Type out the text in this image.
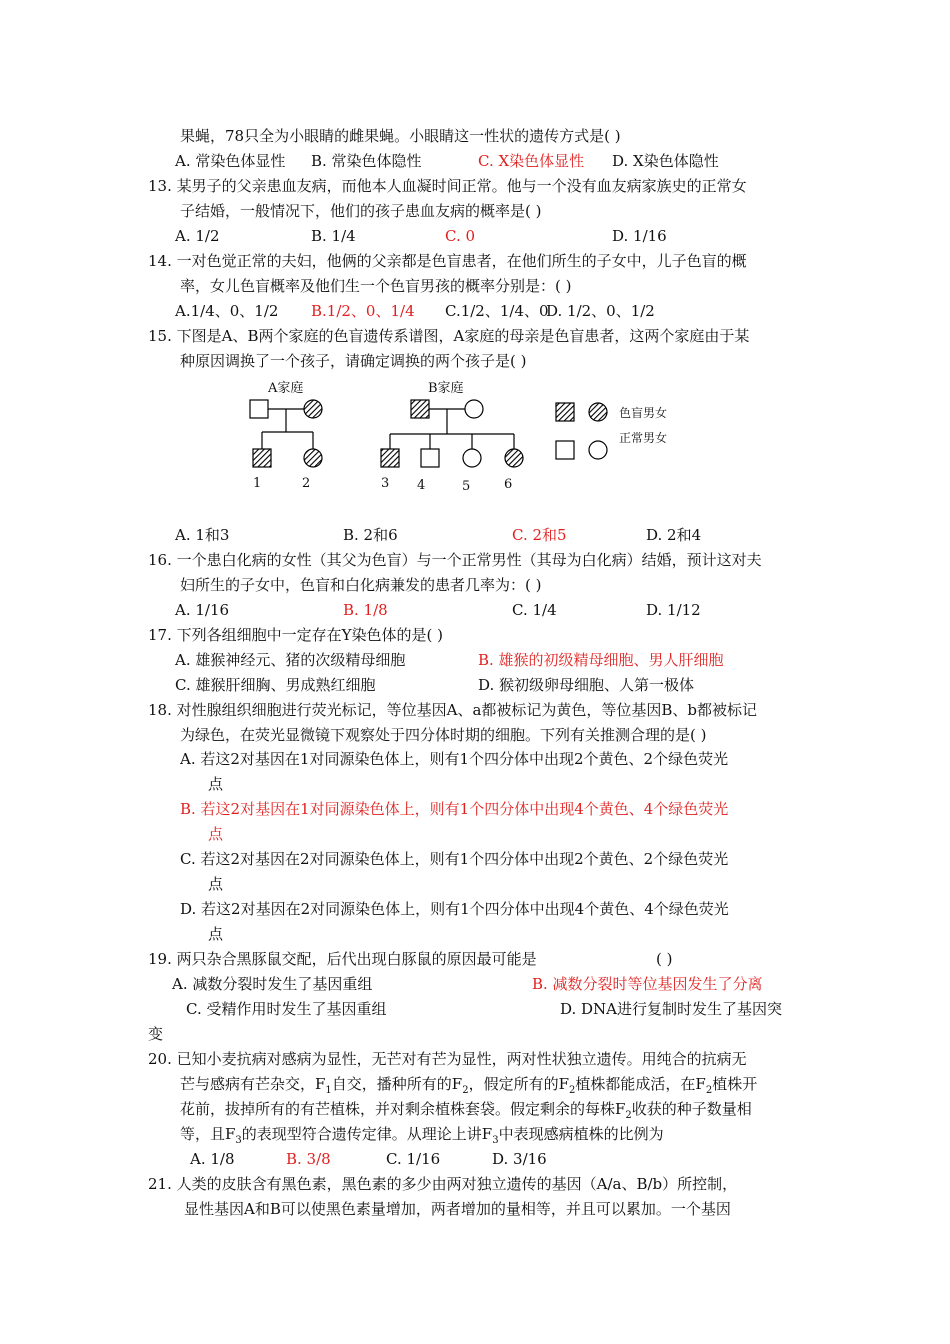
果蝇，78只全为小眼睛的雌果蝇。小眼睛这一性状的遗传方式是( )
A. 常染色体显性 B. 常染色体隐性	C. X染色体显性 D. X染色体隐性
13. 某男子的父亲患血友病，而他本人血凝时间正常。他与一个没有血友病家族史的正常女
子结婚，一般情况下，他们的孩子患血友病的概率是( )
A. 1/2	B. 1/4	C. 0	D. 1/16
14. 一对色觉正常的夫妇，他俩的父亲都是色盲患者，在他们所生的子女中，儿子色盲的概
率，女儿色盲概率及他们生一个色盲男孩的概率分别是：( )
A.1/4、0、1/2 B.1/2、0、1/4 C.1/2、1/4、0
D. 1/2、0、1/2
15. 下图是A、B两个家庭的色盲遗传系谱图，A家庭的母亲是色盲患者，这两个家庭由于某
种原因调换了一个孩子，请确定调换的两个孩子是( )
A家庭	B家庭
色盲男女
正常男女
1	2	3 4	5	6
A. 1和3	B. 2和6	C. 2和5	D. 2和4
16. 一个患白化病的女性（其父为色盲）与一个正常男性（其母为白化病）结婚，预计这对夫
妇所生的子女中，色盲和白化病兼发的患者几率为：( )
A. 1/16	B. 1/8	C. 1/4	D. 1/12
17. 下列各组细胞中一定存在Y染色体的是( )
A. 雄猴神经元、猪的次级精母细胞	B. 雄猴的初级精母细胞、男人肝细胞
C. 雄猴肝细胸、男成熟红细胞	D. 猴初级卵母细胞、人第一极体
18. 对性腺组织细胞进行荧光标记，等位基因A、a都被标记为黄色，等位基因B、b都被标记
为绿色，在荧光显微镜下观察处于四分体时期的细胞。下列有关推测合理的是( )
A. 若这2对基因在1对同源染色体上，则有1个四分体中出现2个黄色、2个绿色荧光
点
B. 若这2对基因在1对同源染色体上，则有1个四分体中出现4个黄色、4个绿色荧光
点
C. 若这2对基因在2对同源染色体上，则有1个四分体中出现2个黄色、2个绿色荧光
点
D. 若这2对基因在2对同源染色体上，则有1个四分体中出现4个黄色、4个绿色荧光
点
19. 两只杂合黑豚鼠交配，后代出现白豚鼠的原因最可能是	( )
A. 减数分裂时发生了基因重组	B. 减数分裂时等位基因发生了分离
C. 受精作用时发生了基因重组	D. DNA进行复制时发生了基因突
变
20. 已知小麦抗病对感病为显性，无芒对有芒为显性，两对性状独立遗传。用纯合的抗病无
芒与感病有芒杂交，$F_1$自交，播种所有的$F_2$，假定所有的$F_2$植株都能成活，在$F_2$植株开
花前，拔掉所有的有芒植株，并对剩余植株套袋。假定剩余的每株$F_2$收获的种子数量相
等，且$F_3$的表现型符合遗传定律。从理论上讲$F_3$中表现感病植株的比例为
A. 1/8	B. 3/8	C. 1/16	D. 3/16
21. 人类的皮肤含有黑色素，黑色素的多少由两对独立遗传的基因（A/a、B/b）所控制，
显性基因A和B可以使黑色素量增加，两者增加的量相等，并且可以累加。一个基因
